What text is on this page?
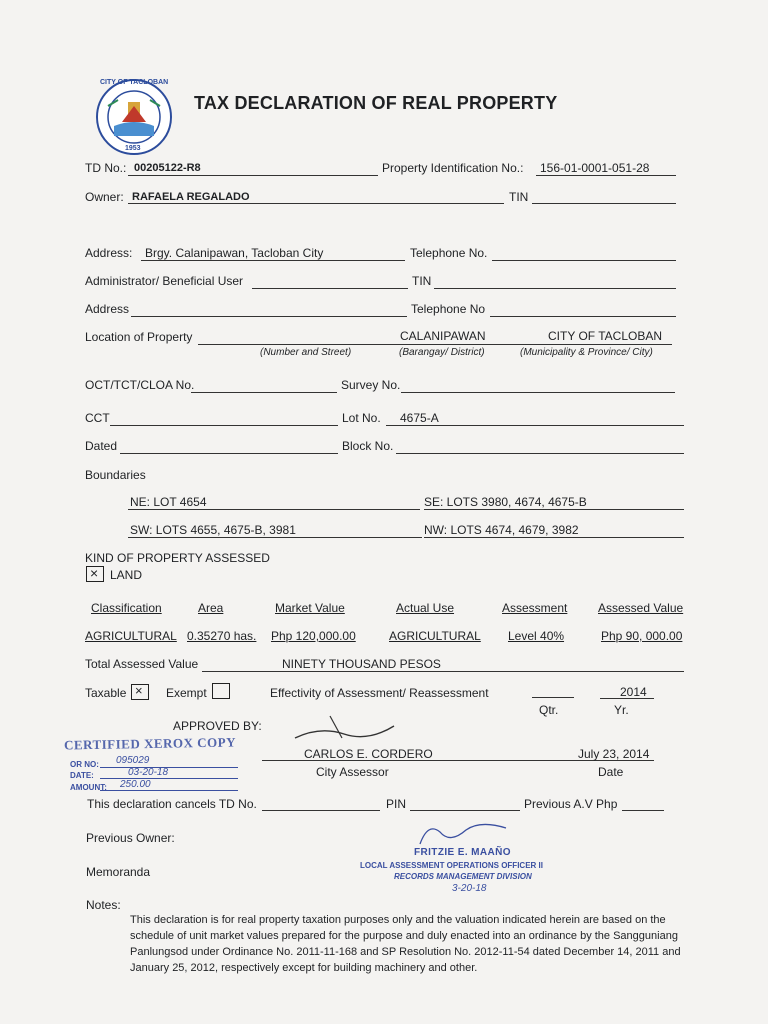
CITY OF TACLOBAN
1953
TAX DECLARATION OF REAL PROPERTY
TD No.: 00205122-R8	Property Identification No.: 156-01-0001-051-28
Owner: RAFAELA REGALADO	TIN
Address: Brgy. Calanipawan, Tacloban City	Telephone No.
Administrator/ Beneficial User	TIN
Address	Telephone No
Location of Property	CALANIPAWAN	CITY OF TACLOBAN
(Number and Street)	(Barangay/ District)	(Municipality & Province/ City)
OCT/TCT/CLOA No.	Survey No.
CCT	Lot No. 4675-A
Dated	Block No.
Boundaries
NE: LOT 4654	SE: LOTS 3980, 4674, 4675-B
SW: LOTS 4655, 4675-B, 3981	NW: LOTS 4674, 4679, 3982
KIND OF PROPERTY ASSESSED
× LAND
Classification	Area	Market Value	Actual Use	Assessment	Assessed Value
AGRICULTURAL 0.35270 has. Php 120,000.00	AGRICULTURAL Level 40%	Php 90, 000.00
Total Assessed Value	NINETY THOUSAND PESOS
Taxable × Exempt	Effectivity of Assessment/ Reassessment	2014
Qtr.	Yr.
APPROVED BY:
CARLOS E. CORDERO
City Assessor
July 23, 2014
Date
CERTIFIED XEROX COPY
OR NO: 095029
DATE:	03-20-18
AMOUNT: 250.00
This declaration cancels TD No.	PIN	Previous A.V Php
Previous Owner:
Memoranda
FRITZIE E. MAAÑO
LOCAL ASSESSMENT OPERATIONS OFFICER II
RECORDS MANAGEMENT DIVISION
3-20-18
Notes:
This declaration is for real property taxation purposes only and the valuation indicated herein are based on the schedule of unit market values prepared for the purpose and duly enacted into an ordinance by the Sangguniang Panlungsod under Ordinance No. 2011-11-168 and SP Resolution No. 2012-11-54 dated December 14, 2011 and January 25, 2012, respectively except for building machinery and other.
